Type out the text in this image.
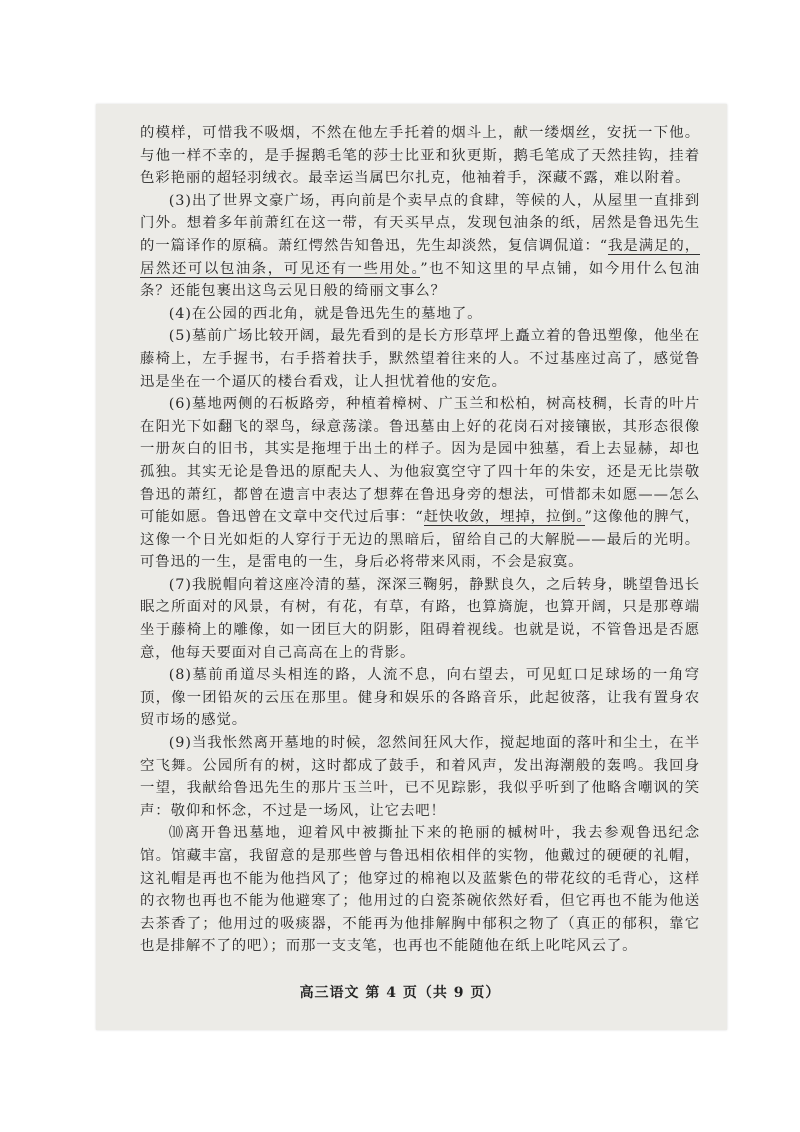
的模样，可惜我不吸烟，不然在他左手托着的烟斗上，献一缕烟丝，安抚一下他。与他一样不幸的，是手握鹅毛笔的莎士比亚和狄更斯，鹅毛笔成了天然挂钩，挂着色彩艳丽的超轻羽绒衣。最幸运当属巴尔扎克，他袖着手，深藏不露，难以附着。

(3)出了世界文豪广场，再向前是个卖早点的食肆，等候的人，从屋里一直排到门外。想着多年前萧红在这一带，有天买早点，发现包油条的纸，居然是鲁迅先生的一篇译作的原稿。萧红愕然告知鲁迅，先生却淡然，复信调侃道：“我是满足的，居然还可以包油条，可见还有一些用处。”也不知这里的早点铺，如今用什么包油条？还能包裹出这鸟云见日般的绮丽文事么？

(4)在公园的西北角，就是鲁迅先生的墓地了。

(5)墓前广场比较开阔，最先看到的是长方形草坪上矗立着的鲁迅塑像，他坐在藤椅上，左手握书，右手搭着扶手，默然望着往来的人。不过基座过高了，感觉鲁迅是坐在一个逼仄的楼台看戏，让人担忧着他的安危。

(6)墓地两侧的石板路旁，种植着樟树、广玉兰和松柏，树高枝稠，长青的叶片在阳光下如翻飞的翠鸟，绿意荡漾。鲁迅墓由上好的花岗石对接镶嵌，其形态很像一册灰白的旧书，其实是拖埋于出土的样子。因为是园中独墓，看上去显赫，却也孤独。其实无论是鲁迅的原配夫人、为他寂寞空守了四十年的朱安，还是无比崇敬鲁迅的萧红，都曾在遗言中表达了想葬在鲁迅身旁的想法，可惜都未如愿——怎么可能如愿。鲁迅曾在文章中交代过后事：“赶快收敛，埋掉，拉倒。”这像他的脾气，这像一个日光如炬的人穿行于无边的黑暗后，留给自己的大解脱——最后的光明。可鲁迅的一生，是雷电的一生，身后必将带来风雨，不会是寂寞。

(7)我脱帽向着这座冷清的墓，深深三鞠躬，静默良久，之后转身，眺望鲁迅长眠之所面对的风景，有树，有花，有草，有路，也算旖旎，也算开阔，只是那尊端坐于藤椅上的雕像，如一团巨大的阴影，阻碍着视线。也就是说，不管鲁迅是否愿意，他每天要面对自己高高在上的背影。

(8)墓前甬道尽头相连的路，人流不息，向右望去，可见虹口足球场的一角穹顶，像一团铅灰的云压在那里。健身和娱乐的各路音乐，此起彼落，让我有置身农贸市场的感觉。

(9)当我怅然离开墓地的时候，忽然间狂风大作，搅起地面的落叶和尘土，在半空飞舞。公园所有的树，这时都成了鼓手，和着风声，发出海潮般的轰鸣。我回身一望，我献给鲁迅先生的那片玉兰叶，已不见踪影，我似乎听到了他略含嘲讽的笑声：敬仰和怀念，不过是一场风，让它去吧！

⑽离开鲁迅墓地，迎着风中被撕扯下来的艳丽的槭树叶，我去参观鲁迅纪念馆。馆藏丰富，我留意的是那些曾与鲁迅相依相伴的实物，他戴过的硬硬的礼帽，这礼帽是再也不能为他挡风了；他穿过的棉袍以及蓝紫色的带花纹的毛背心，这样的衣物也再也不能为他避寒了；他用过的白瓷茶碗依然好看，但它再也不能为他送去茶香了；他用过的吸痰器，不能再为他排解胸中郁积之物了（真正的郁积，靠它也是排解不了的吧）；而那一支支笔，也再也不能随他在纸上叱咤风云了。

高三语文 第 4 页（共 9 页）
